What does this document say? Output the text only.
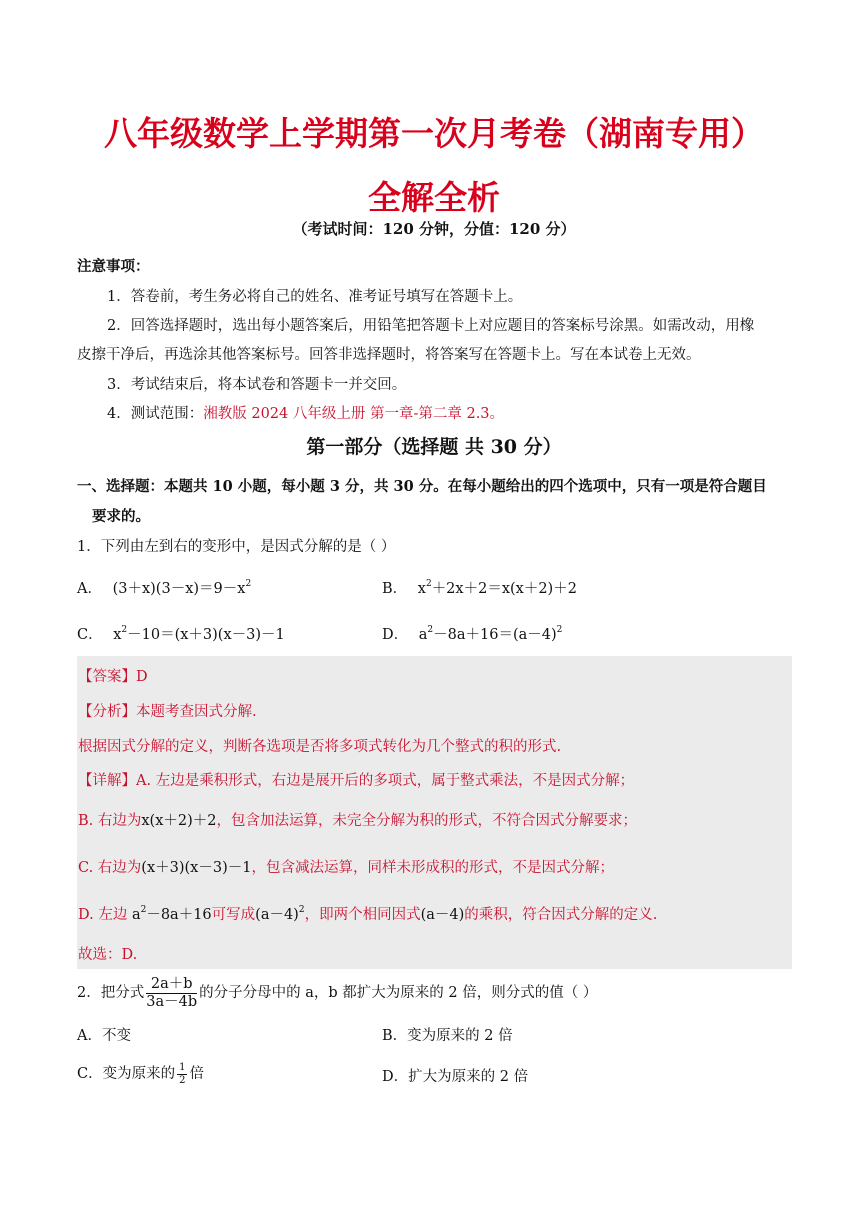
八年级数学上学期第一次月考卷（湖南专用）
全解全析
（考试时间：120 分钟，分值：120 分）
注意事项：
1．答卷前，考生务必将自己的姓名、准考证号填写在答题卡上。
2．回答选择题时，选出每小题答案后，用铅笔把答题卡上对应题目的答案标号涂黑。如需改动，用橡
皮擦干净后，再选涂其他答案标号。回答非选择题时，将答案写在答题卡上。写在本试卷上无效。
3．考试结束后，将本试卷和答题卡一并交回。
4．测试范围：湘教版 2024 八年级上册 第一章-第二章 2.3。
第一部分（选择题 共 30 分）
一、选择题：本题共 10 小题，每小题 3 分，共 30 分。在每小题给出的四个选项中，只有一项是符合题目
要求的。
1．下列由左到右的变形中，是因式分解的是（ ）
A． $(3+x)(3-x)=9-x^2$	B． $x^2+2x+2=x(x+2)+2$
C． $x^2-10=(x+3)(x-3)-1$	D． $a^2-8a+16=(a-4)^2$
【答案】D
【分析】本题考查因式分解.
根据因式分解的定义，判断各选项是否将多项式转化为几个整式的积的形式.
【详解】A. 左边是乘积形式，右边是展开后的多项式，属于整式乘法，不是因式分解；
B. 右边为x(x＋2)＋2，包含加法运算，未完全分解为积的形式，不符合因式分解要求；
C. 右边为(x＋3)(x－3)－1，包含减法运算，同样未形成积的形式，不是因式分解；
D. 左边 $a^2-8a+16$可写成$(a-4)^2$，即两个相同因式(a－4)的乘积，符合因式分解的定义.
故选：D.
2．把分式 $\frac{2a+b}{3a-4b}$ 的分子分母中的 a，b 都扩大为原来的 2 倍，则分式的值（ ）
A．不变	B．变为原来的 2 倍
C．变为原来的 $\frac{1}{2}$ 倍	D．扩大为原来的 2 倍
